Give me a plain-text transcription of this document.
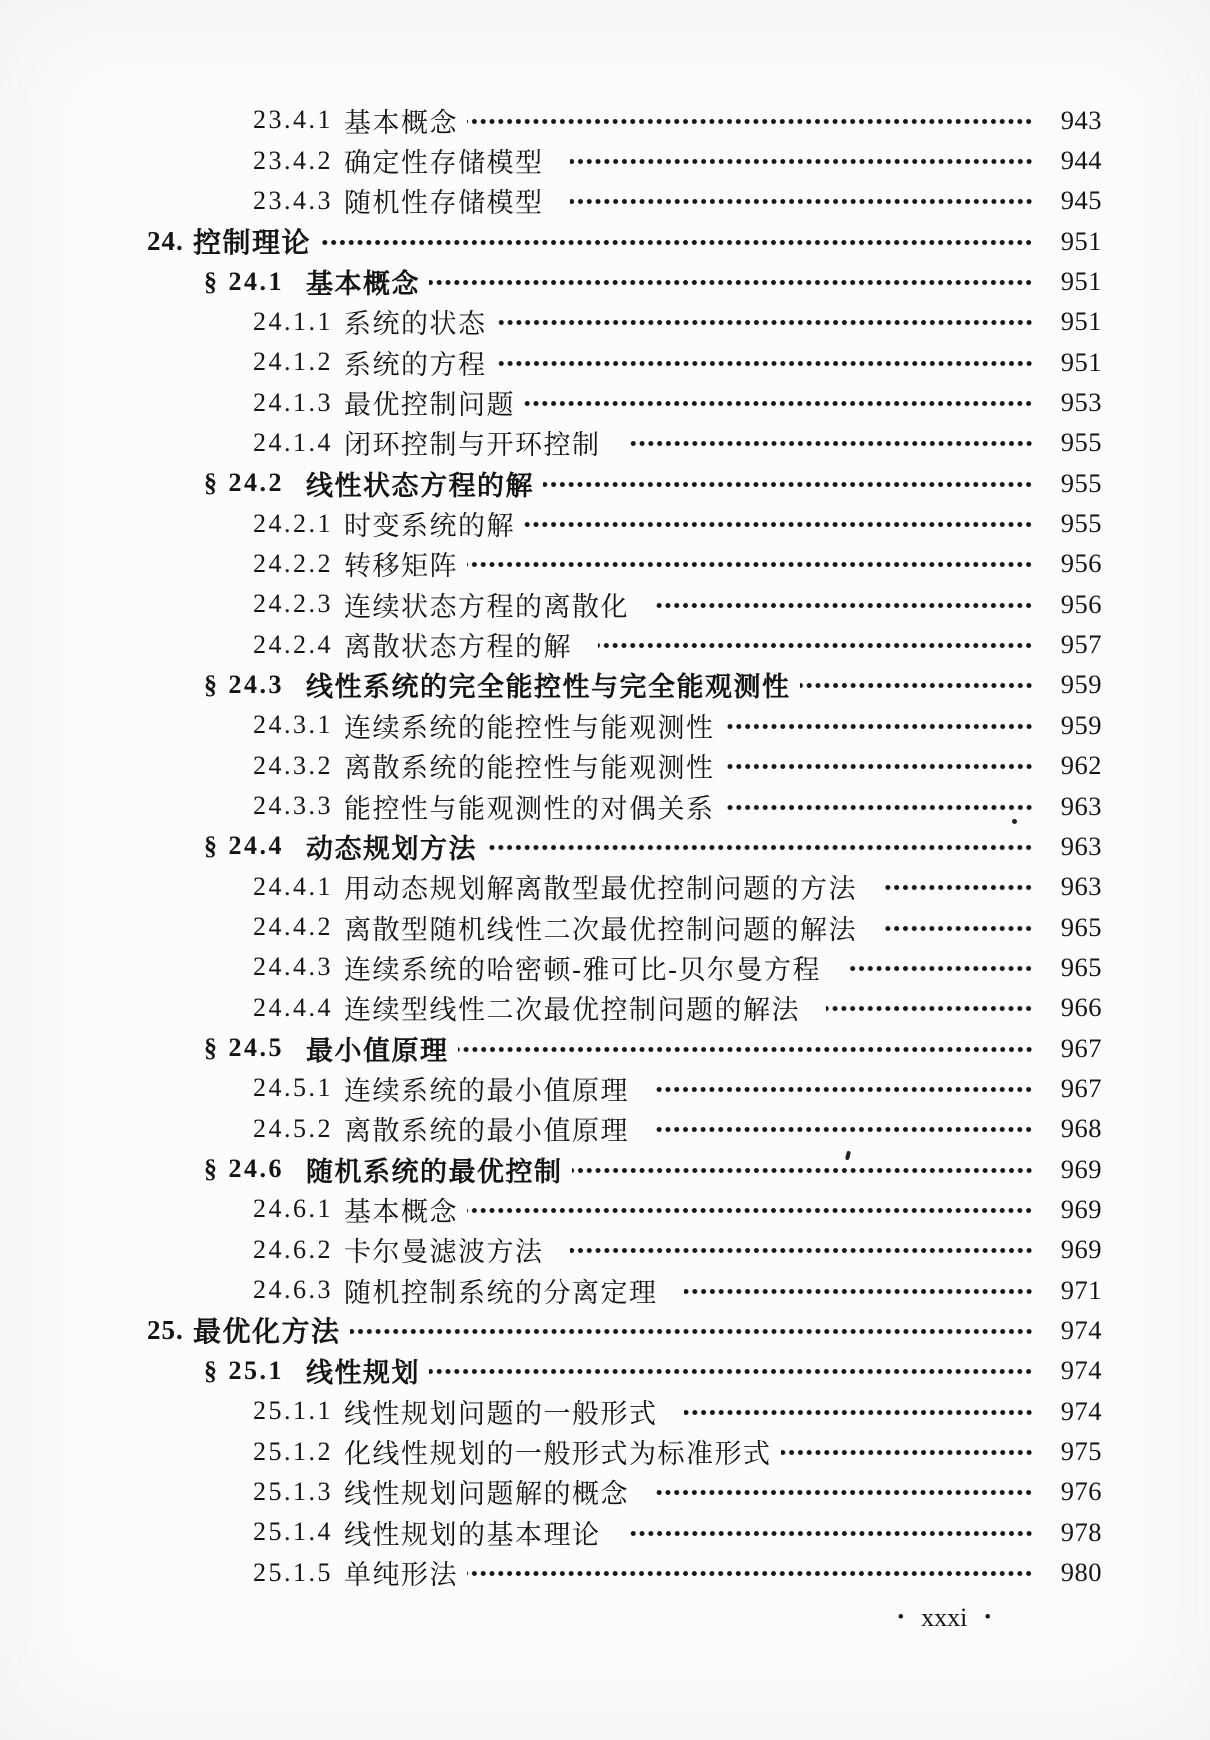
23.4.1 基本概念	943
23.4.2 确定性存储模型	944
23.4.3 随机性存储模型	945
24. 控制理论	951
§ 24.1 基本概念	951
24.1.1 系统的状态	951
24.1.2 系统的方程	951
24.1.3 最优控制问题	953
24.1.4 闭环控制与开环控制	955
§ 24.2 线性状态方程的解	955
24.2.1 时变系统的解	955
24.2.2 转移矩阵	956
24.2.3 连续状态方程的离散化	956
24.2.4 离散状态方程的解	957
§ 24.3 线性系统的完全能控性与完全能观测性	959
24.3.1 连续系统的能控性与能观测性	959
24.3.2 离散系统的能控性与能观测性	962
24.3.3 能控性与能观测性的对偶关系	963
§ 24.4 动态规划方法	963
24.4.1 用动态规划解离散型最优控制问题的方法	963
24.4.2 离散型随机线性二次最优控制问题的解法	965
24.4.3 连续系统的哈密顿-雅可比-贝尔曼方程	965
24.4.4 连续型线性二次最优控制问题的解法	966
§ 24.5 最小值原理	967
24.5.1 连续系统的最小值原理	967
24.5.2 离散系统的最小值原理	968
§ 24.6 随机系统的最优控制	969
24.6.1 基本概念	969
24.6.2 卡尔曼滤波方法	969
24.6.3 随机控制系统的分离定理	971
25. 最优化方法	974
§ 25.1 线性规划	974
25.1.1 线性规划问题的一般形式	974
25.1.2 化线性规划的一般形式为标准形式	975
25.1.3 线性规划问题解的概念	976
25.1.4 线性规划的基本理论	978
25.1.5 单纯形法	980
• xxxi •
